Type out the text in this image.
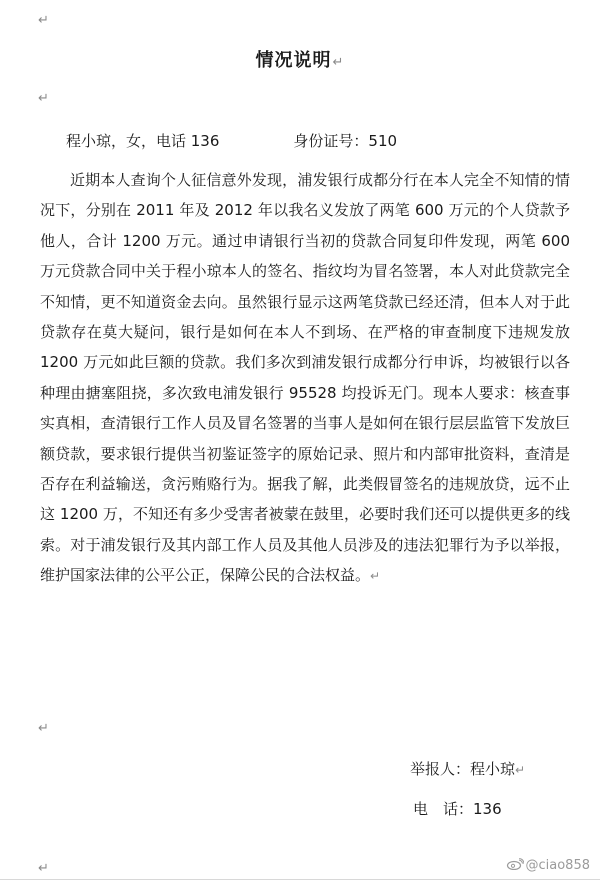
↵
情况说明↵
↵
程小琼，女，电话 136	身份证号：510

近期本人查询个人征信意外发现，浦发银行成都分行在本人完全不知情的情况下，分别在 2011 年及 2012 年以我名义发放了两笔 600 万元的个人贷款予他人，合计 1200 万元。通过申请银行当初的贷款合同复印件发现，两笔 600 万元贷款合同中关于程小琼本人的签名、指纹均为冒名签署，本人对此贷款完全不知情，更不知道资金去向。虽然银行显示这两笔贷款已经还清，但本人对于此贷款存在莫大疑问，银行是如何在本人不到场、在严格的审查制度下违规发放 1200 万元如此巨额的贷款。我们多次到浦发银行成都分行申诉，均被银行以各种理由搪塞阻挠，多次致电浦发银行 95528 均投诉无门。现本人要求：核查事实真相，查清银行工作人员及冒名签署的当事人是如何在银行层层监管下发放巨额贷款，要求银行提供当初鉴证签字的原始记录、照片和内部审批资料，查清是否存在利益输送，贪污贿赂行为。据我了解，此类假冒签名的违规放贷，远不止这 1200 万，不知还有多少受害者被蒙在鼓里，必要时我们还可以提供更多的线索。对于浦发银行及其内部工作人员及其他人员涉及的违法犯罪行为予以举报，维护国家法律的公平公正，保障公民的合法权益。↵

↵
举报人：程小琼↵
电　话：136
↵	@ciao858
